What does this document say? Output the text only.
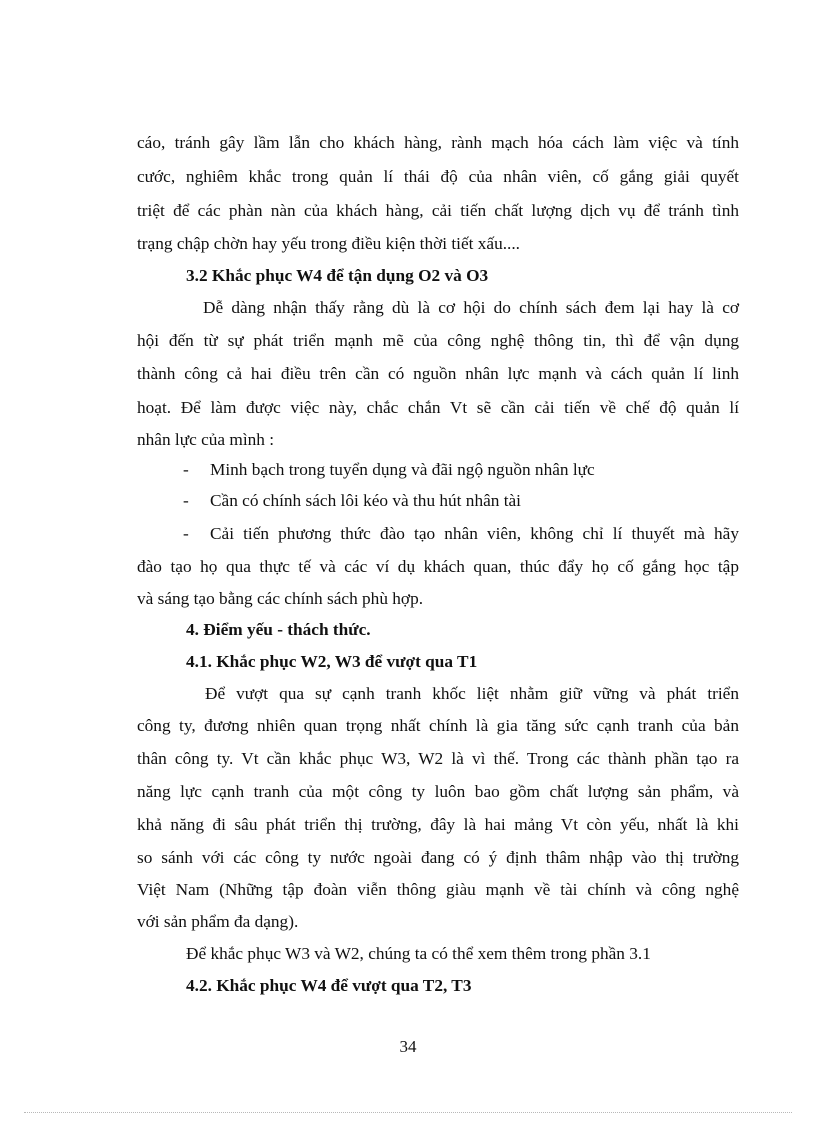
cáo, tránh gây lầm lẫn cho khách hàng, rành mạch hóa cách làm việc và tính
cước, nghiêm khắc trong quản lí thái độ của nhân viên, cố gắng giải quyết
triệt để các phàn nàn của khách hàng, cải tiến chất lượng dịch vụ để tránh tình
trạng chập chờn hay yếu trong điều kiện thời tiết xấu....
3.2 Khắc phục W4 để tận dụng O2 và O3
Dễ dàng nhận thấy rằng dù là cơ hội do chính sách đem lại hay là cơ
hội đến từ sự phát triển mạnh mẽ của công nghệ thông tin, thì để vận dụng
thành công cả hai điều trên cần có nguồn nhân lực mạnh và cách quản lí linh
hoạt. Để làm được việc này, chắc chắn Vt sẽ cần cải tiến về chế độ quản lí
nhân lực của mình :
-	Minh bạch trong tuyển dụng và đãi ngộ nguồn nhân lực
-	Cần có chính sách lôi kéo và thu hút nhân tài
-	Cải tiến phương thức đào tạo nhân viên, không chỉ lí thuyết mà hãy
đào tạo họ qua thực tế và các ví dụ khách quan, thúc đẩy họ cố gắng học tập
và sáng tạo bằng các chính sách phù hợp.
4. Điểm yếu - thách thức.
4.1. Khắc phục W2, W3 để vượt qua T1
Để vượt qua sự cạnh tranh khốc liệt nhằm giữ vững và phát triển
công ty, đương nhiên quan trọng nhất chính là gia tăng sức cạnh tranh của bản
thân công ty. Vt cần khắc phục W3, W2 là vì thế. Trong các thành phần tạo ra
năng lực cạnh tranh của một công ty luôn bao gồm chất lượng sản phẩm, và
khả năng đi sâu phát triển thị trường, đây là hai mảng Vt còn yếu, nhất là khi
so sánh với các công ty nước ngoài đang có ý định thâm nhập vào thị trường
Việt Nam (Những tập đoàn viễn thông giàu mạnh về tài chính và công nghệ
với sản phẩm đa dạng).
Để khắc phục W3 và W2, chúng ta có thể xem thêm trong phần 3.1
4.2. Khắc phục W4 để vượt qua T2, T3
34
